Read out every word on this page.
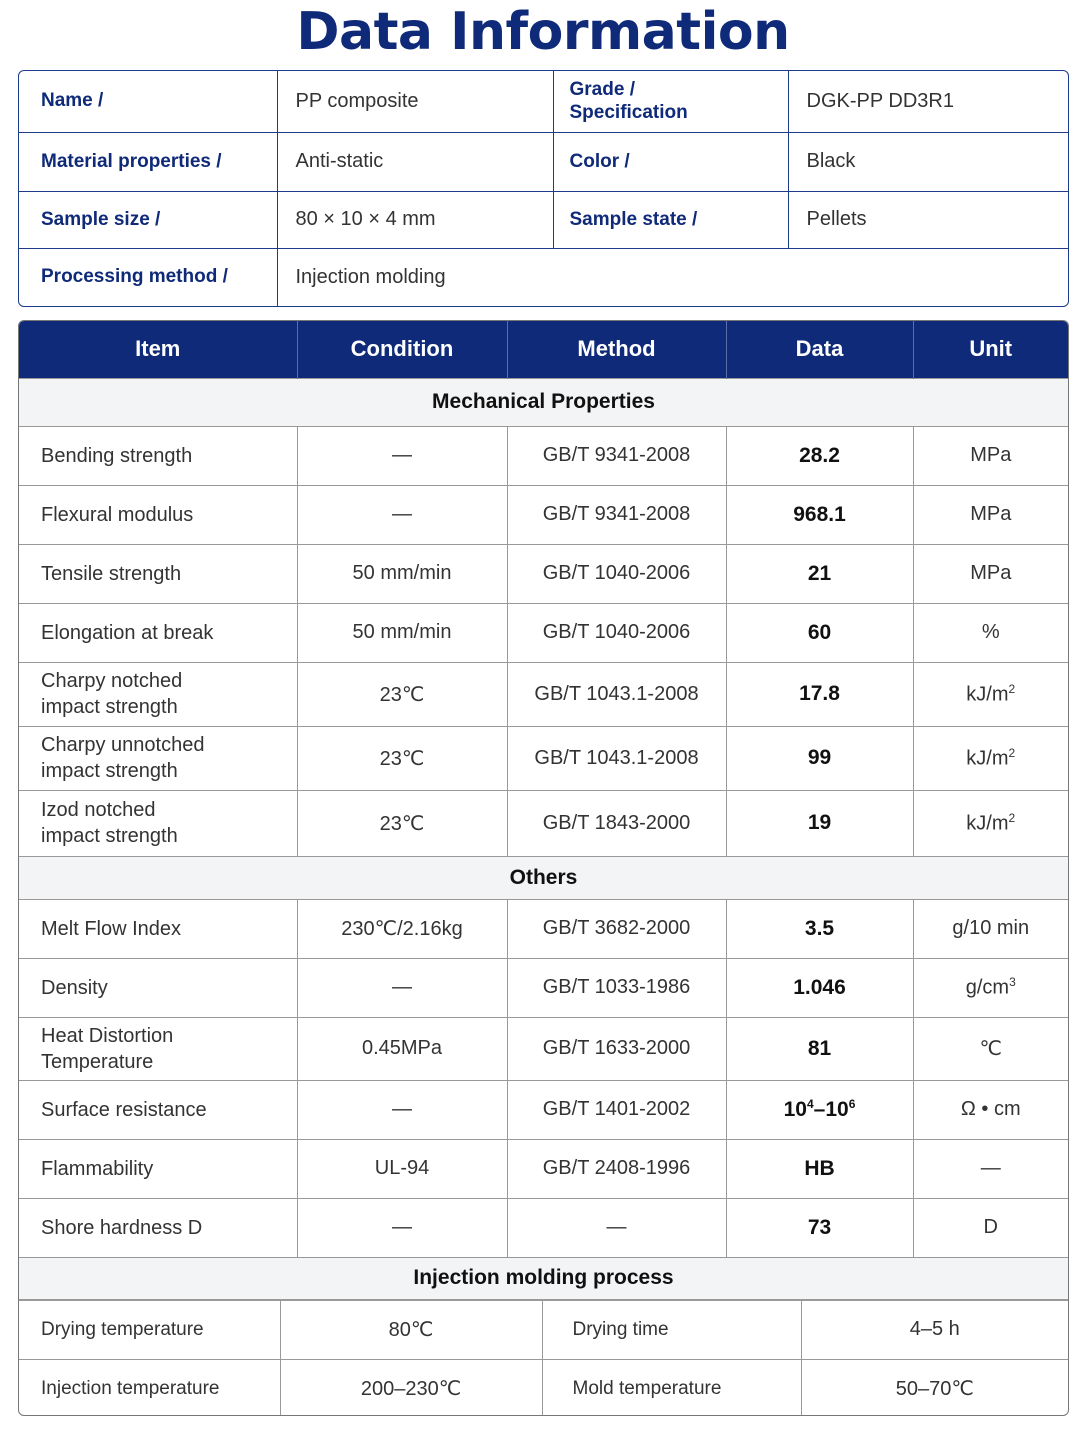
Data Information
Name /	PP composite	Grade /
Specification	DGK-PP DD3R1
Material properties /	Anti-static	Color /	Black
Sample size /	80 × 10 × 4 mm	Sample state /	Pellets
Processing method /	Injection molding		
Item	Condition	Method	Data	Unit
Mechanical Properties				
Bending strength	—	GB/T 9341-2008	28.2	MPa
Flexural modulus	—	GB/T 9341-2008	968.1	MPa
Tensile strength	50 mm/min	GB/T 1040-2006	21	MPa
Elongation at break	50 mm/min	GB/T 1040-2006	60	%

Charpy notched
impact strength	23℃	GB/T 1043.1-2008	17.8	$kJ/m^2$

Charpy unnotched
impact strength	23℃	GB/T 1043.1-2008	99	$kJ/m^2$

Izod notched
impact strength	23℃	GB/T 1843-2000	19	$kJ/m^2$
Others				
Melt Flow Index	230℃/2.16kg	GB/T 3682-2000	3.5	g/10 min
Density	—	GB/T 1033-1986	1.046	$g/cm^3$

Heat Distortion
Temperature	0.45MPa	GB/T 1633-2000	81	℃
Surface resistance	—	GB/T 1401-2002	$10^4-10^6$	Ω • cm
Flammability	UL-94	GB/T 2408-1996	HB	—
Shore hardness D	—	—	73	D
Injection molding process				
Drying temperature	80℃	Drying time	4–5 h
Injection temperature	200–230℃	Mold temperature	50–70℃
